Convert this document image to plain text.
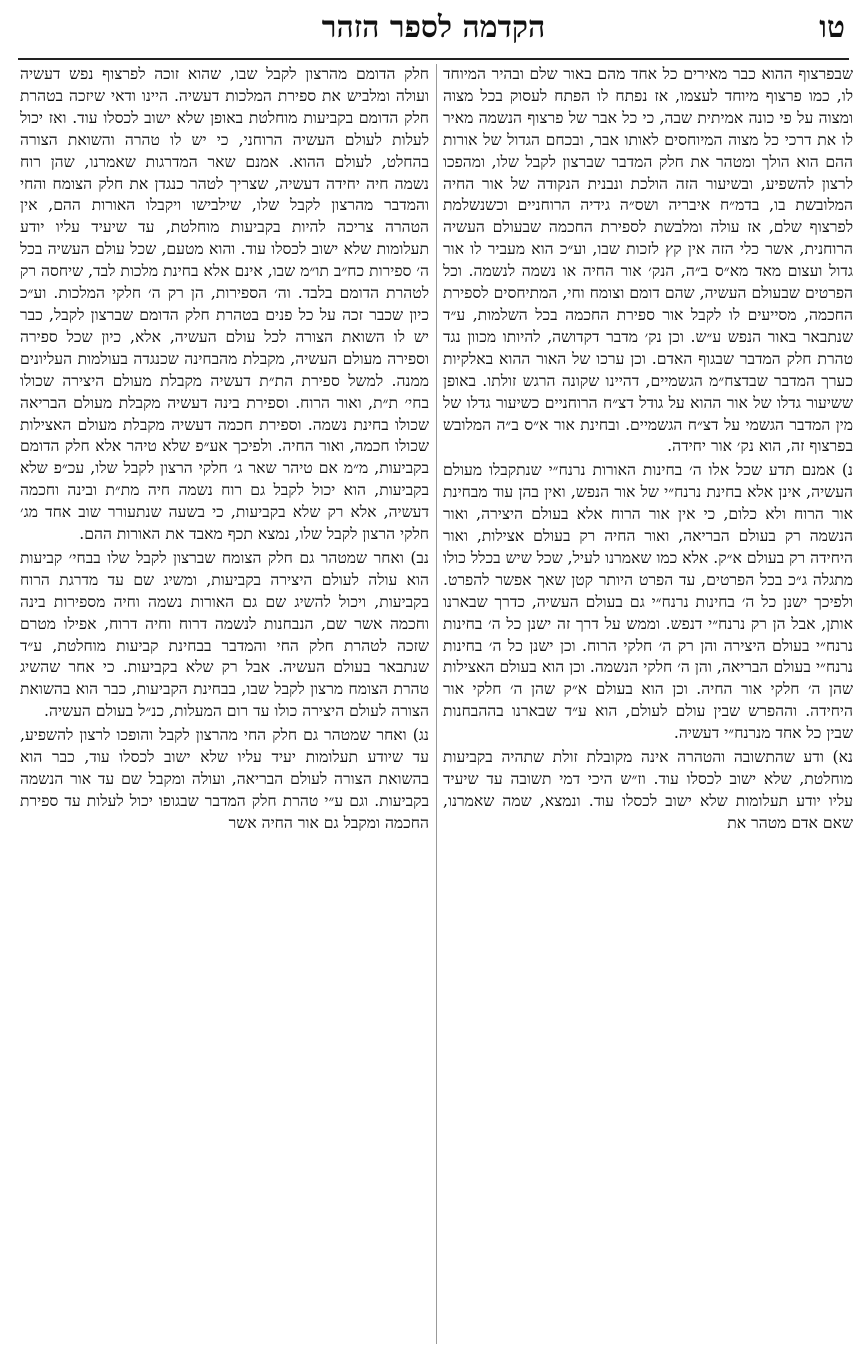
הקדמה לספר הזהר	טו

שבפרצוף ההוא כבר מאירים כל אחד מהם באור שלם ובהיר המיוחד לו, כמו פרצוף מיוחד לעצמו, אז נפתח לו הפתח לעסוק בכל מצוה ומצוה על פי כונה אמיתית שבה, כי כל אבר של פרצוף הנשמה מאיר לו את דרכי כל מצוה המיוחסים לאותו אבר, ובכחם הגדול של אורות ההם הוא הולך ומטהר את חלק המדבר שברצון לקבל שלו, ומהפכו לרצון להשפיע, ובשיעור הזה הולכת ונבנית הנקודה של אור החיה המלובשת בו, בדמ״ח איבריה ושס״ה גידיה הרוחניים וכשנשלמת לפרצוף שלם, אז עולה ומלבשת לספירת החכמה שבעולם העשיה הרוחנית, אשר כלי הזה אין קץ לזכות שבו, וע״כ הוא מעביר לו אור גדול ועצום מאד מא״ס ב״ה, הנק׳ אור החיה או נשמה לנשמה. וכל הפרטים שבעולם העשיה, שהם דומם וצומח וחי, המתיחסים לספירת החכמה, מסייעים לו לקבל אור ספירת החכמה בכל השלמות, ע״ד שנתבאר באור הנפש ע״ש. וכן נק׳ מדבר דקדושה, להיותו מכוון נגד טהרת חלק המדבר שבגוף האדם. וכן ערכו של האור ההוא באלקיות כערך המדבר שבדצח״מ הגשמיים, דהיינו שקונה הרגש זולתו. באופן ששיעור גדלו של אור ההוא על גודל דצ״ח הרוחניים כשיעור גדלו של מין המדבר הגשמי על דצ״ח הגשמיים. ובחינת אור א״ס ב״ה המלובש בפרצוף זה, הוא נק׳ אור יחידה.

נ) אמנם תדע שכל אלו ה׳ בחינות האורות נרנח״י שנתקבלו מעולם העשיה, אינן אלא בחינת נרנח״י של אור הנפש, ואין בהן עוד מבחינת אור הרוח ולא כלום, כי אין אור הרוח אלא בעולם היצירה, ואור הנשמה רק בעולם הבריאה, ואור החיה רק בעולם אצילות, ואור היחידה רק בעולם א״ק. אלא כמו שאמרנו לעיל, שכל שיש בכלל כולו מתגלה ג״כ בכל הפרטים, עד הפרט היותר קטן שאך אפשר להפרט. ולפיכך ישנן כל ה׳ בחינות נרנח״י גם בעולם העשיה, כדרך שבארנו אותן, אבל הן רק נרנח״י דנפש. וממש על דרך זה ישנן כל ה׳ בחינות נרנח״י בעולם היצירה והן רק ה׳ חלקי הרוח. וכן ישנן כל ה׳ בחינות נרנח״י בעולם הבריאה, והן ה׳ חלקי הנשמה. וכן הוא בעולם האצילות שהן ה׳ חלקי אור החיה. וכן הוא בעולם א״ק שהן ה׳ חלקי אור היחידה. וההפרש שבין עולם לעולם, הוא ע״ד שבארנו בההבחנות שבין כל אחד מנרנח״י דעשיה.

נא) ודע שהתשובה והטהרה אינה מקובלת זולת שתהיה בקביעות מוחלטת, שלא ישוב לכסלו עוד. וז״ש היכי דמי תשובה עד שיעיד עליו יודע תעלומות שלא ישוב לכסלו עוד. ונמצא, שמה שאמרנו, שאם אדם מטהר את

חלק הדומם מהרצון לקבל שבו, שהוא זוכה לפרצוף נפש דעשיה ועולה ומלביש את ספירת המלכות דעשיה. היינו ודאי שיזכה בטהרת חלק הדומם בקביעות מוחלטת באופן שלא ישוב לכסלו עוד. ואז יכול לעלות לעולם העשיה הרוחני, כי יש לו טהרה והשואת הצורה בהחלט, לעולם ההוא. אמנם שאר המדרגות שאמרנו, שהן רוח נשמה חיה יחידה דעשיה, שצריך לטהר כנגדן את חלק הצומח והחי והמדבר מהרצון לקבל שלו, שילבישו ויקבלו האורות ההם, אין הטהרה צריכה להיות בקביעות מוחלטת, עד שיעיד עליו יודע תעלומות שלא ישוב לכסלו עוד. והוא מטעם, שכל עולם העשיה בכל ה׳ ספירות כח״ב תו״מ שבו, אינם אלא בחינת מלכות לבד, שיחסה רק לטהרת הדומם בלבד. וה׳ הספירות, הן רק ה׳ חלקי המלכות. וע״כ כיון שכבר זכה על כל פנים בטהרת חלק הדומם שברצון לקבל, כבר יש לו השואת הצורה לכל עולם העשיה, אלא, כיון שכל ספירה וספירה מעולם העשיה, מקבלת מהבחינה שכנגדה בעולמות העליונים ממנה. למשל ספירת הת״ת דעשיה מקבלת מעולם היצירה שכולו בחי׳ ת״ת, ואור הרוח. וספירת בינה דעשיה מקבלת מעולם הבריאה שכולו בחינת נשמה. וספירת חכמה דעשיה מקבלת מעולם האצילות שכולו חכמה, ואור החיה. ולפיכך אע״פ שלא טיהר אלא חלק הדומם בקביעות, מ״מ אם טיהר שאר ג׳ חלקי הרצון לקבל שלו, עכ״פ שלא בקביעות, הוא יכול לקבל גם רוח נשמה חיה מת״ת ובינה וחכמה דעשיה, אלא רק שלא בקביעות, כי בשעה שנתעורר שוב אחד מג׳ חלקי הרצון לקבל שלו, נמצא תכף מאבד את האורות ההם.

נב) ואחר שמטהר גם חלק הצומח שברצון לקבל שלו בבחי׳ קביעות הוא עולה לעולם היצירה בקביעות, ומשיג שם עד מדרגת הרוח בקביעות, ויכול להשיג שם גם האורות נשמה וחיה מספירות בינה וחכמה אשר שם, הנבחנות לנשמה דרוח וחיה דרוח, אפילו מטרם שזכה לטהרת חלק החי והמדבר בבחינת קביעות מוחלטת, ע״ד שנתבאר בעולם העשיה. אבל רק שלא בקביעות. כי אחר שהשיג טהרת הצומח מרצון לקבל שבו, בבחינת הקביעות, כבר הוא בהשואת הצורה לעולם היצירה כולו עד רום המעלות, כנ״ל בעולם העשיה.

נג) ואחר שמטהר גם חלק החי מהרצון לקבל והופכו לרצון להשפיע, עד שיודע תעלומות יעיד עליו שלא ישוב לכסלו עוד, כבר הוא בהשואת הצורה לעולם הבריאה, ועולה ומקבל שם עד אור הנשמה בקביעות. וגם ע״י טהרת חלק המדבר שבגופו יכול לעלות עד ספירת החכמה ומקבל גם אור החיה אשר
